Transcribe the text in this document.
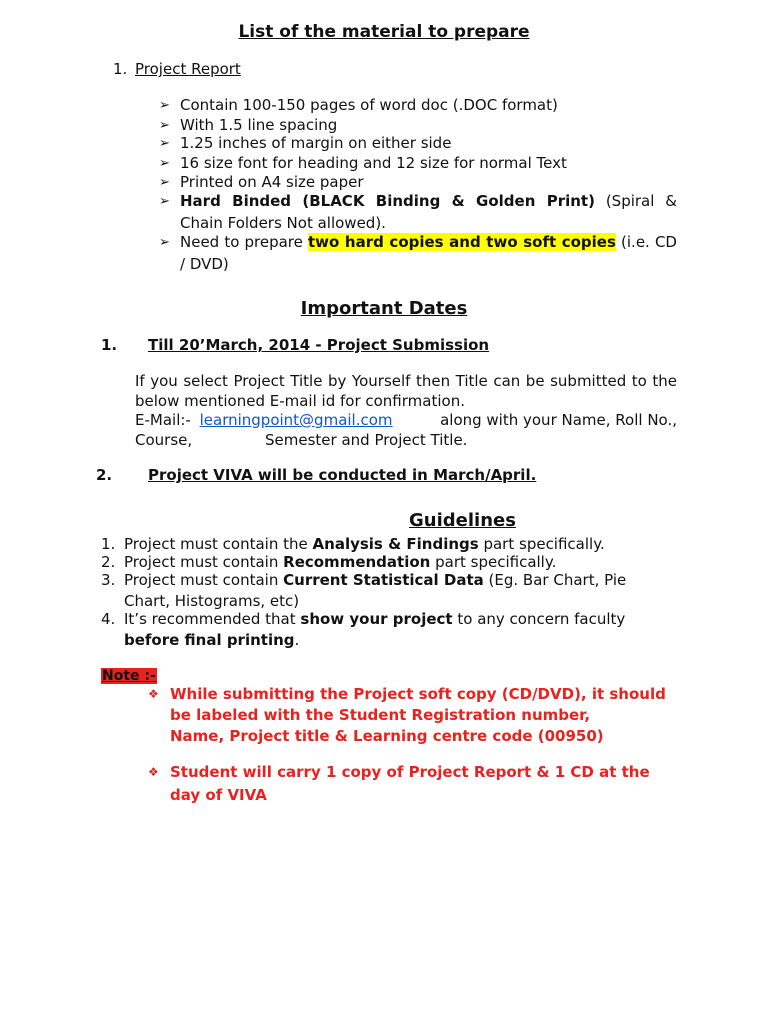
List of the material to prepare
1. Project Report
➢ Contain 100-150 pages of word doc (.DOC format)
➢ With 1.5 line spacing
➢ 1.25 inches of margin on either side
➢ 16 size font for heading and 12 size for normal Text
➢ Printed on A4 size paper
➢ Hard Binded (BLACK Binding & Golden Print) (Spiral &
Chain Folders Not allowed).
➢ Need to prepare two hard copies and two soft copies (i.e. CD
/ DVD)
Important Dates
1. Till 20’March, 2014 - Project Submission
If you select Project Title by Yourself then Title can be submitted to the
below mentioned E-mail id for confirmation.
E-Mail:- learningpoint@gmail.com	along with your Name, Roll No.,
Course,	Semester and Project Title.
2. Project VIVA will be conducted in March/April.
Guidelines
1. Project must contain the Analysis & Findings part specifically.
2. Project must contain Recommendation part specifically.
3. Project must contain Current Statistical Data (Eg. Bar Chart, Pie
Chart, Histograms, etc)
4. It’s recommended that show your project to any concern faculty
before final printing.
Note :-
❖ While submitting the Project soft copy (CD/DVD), it should
be labeled with the Student Registration number,
Name, Project title & Learning centre code (00950)
❖ Student will carry 1 copy of Project Report & 1 CD at the
day of VIVA
